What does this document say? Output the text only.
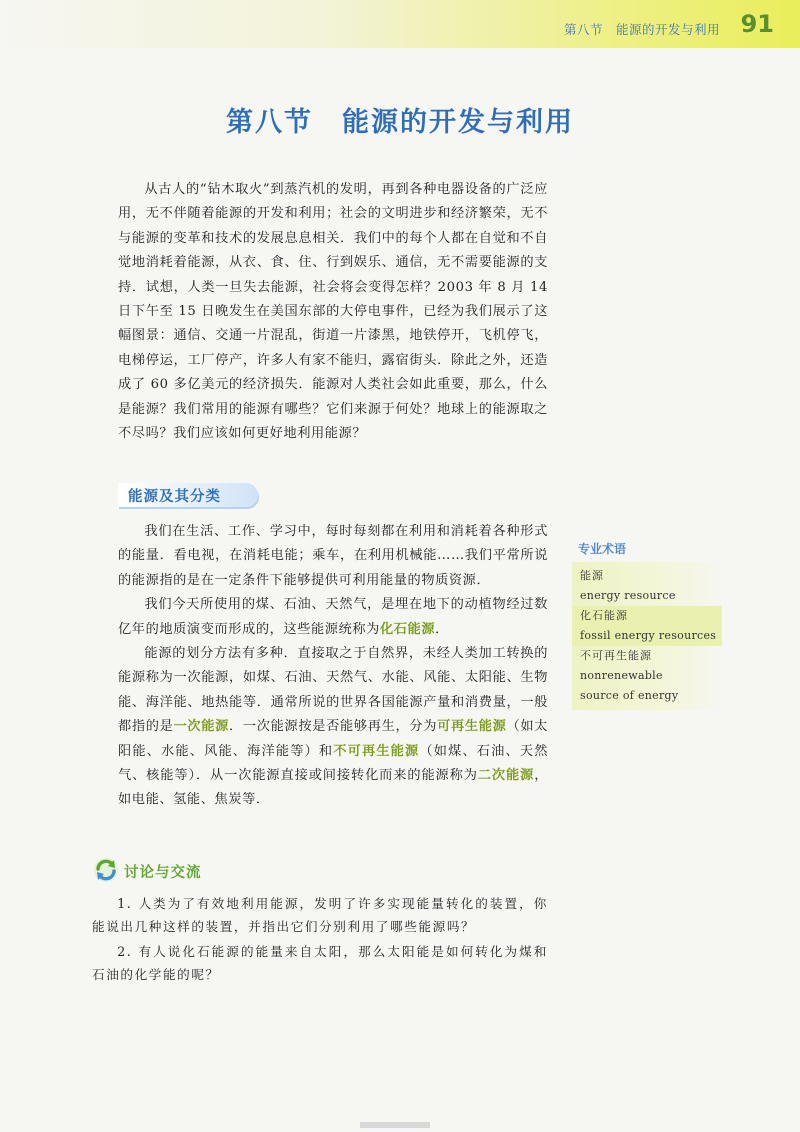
第八节　能源的开发与利用 91
第八节　能源的开发与利用

从古人的“钻木取火”到蒸汽机的发明，再到各种电器设备的广泛应用，无不伴随着能源的开发和利用；社会的文明进步和经济繁荣，无不与能源的变革和技术的发展息息相关．我们中的每个人都在自觉和不自觉地消耗着能源，从衣、食、住、行到娱乐、通信，无不需要能源的支持．试想，人类一旦失去能源，社会将会变得怎样？2003 年 8 月 14 日下午至 15 日晚发生在美国东部的大停电事件，已经为我们展示了这幅图景：通信、交通一片混乱，街道一片漆黑，地铁停开，飞机停飞，电梯停运，工厂停产，许多人有家不能归，露宿街头．除此之外，还造成了 60 多亿美元的经济损失．能源对人类社会如此重要，那么，什么是能源？我们常用的能源有哪些？它们来源于何处？地球上的能源取之不尽吗？我们应该如何更好地利用能源？

能源及其分类

我们在生活、工作、学习中，每时每刻都在利用和消耗着各种形式的能量．看电视，在消耗电能；乘车，在利用机械能……我们平常所说的能源指的是在一定条件下能够提供可利用能量的物质资源．

我们今天所使用的煤、石油、天然气，是埋在地下的动植物经过数亿年的地质演变而形成的，这些能源统称为化石能源．

能源的划分方法有多种．直接取之于自然界，未经人类加工转换的能源称为一次能源，如煤、石油、天然气、水能、风能、太阳能、生物能、海洋能、地热能等．通常所说的世界各国能源产量和消费量，一般都指的是一次能源．一次能源按是否能够再生，分为可再生能源（如太阳能、水能、风能、海洋能等）和不可再生能源（如煤、石油、天然气、核能等）．从一次能源直接或间接转化而来的能源称为二次能源，如电能、氢能、焦炭等．

讨论与交流

1. 人类为了有效地利用能源，发明了许多实现能量转化的装置，你能说出几种这样的装置，并指出它们分别利用了哪些能源吗？

2. 有人说化石能源的能量来自太阳，那么太阳能是如何转化为煤和石油的化学能的呢？

专业术语
能源
energy resource
化石能源
fossil energy resources
不可再生能源
nonrenewable
source of energy
